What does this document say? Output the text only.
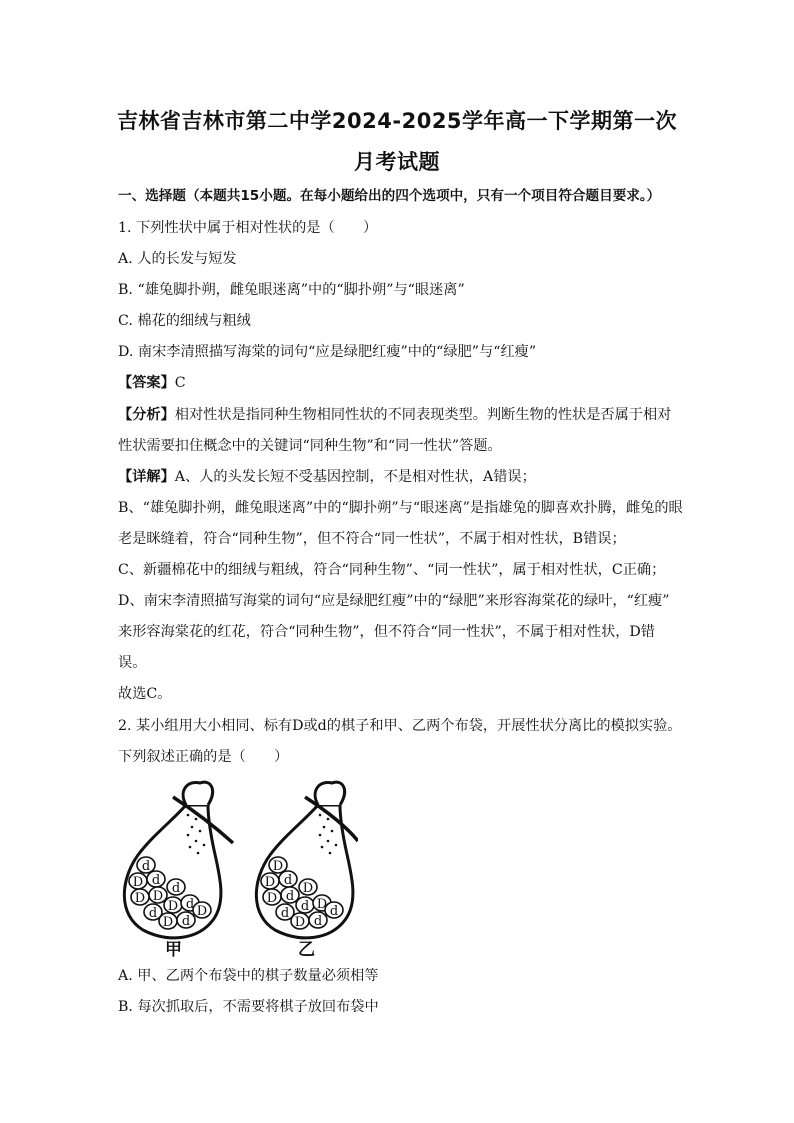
吉林省吉林市第二中学2024-2025学年高一下学期第一次
月考试题
一、选择题（本题共15小题。在每小题给出的四个选项中，只有一个项目符合题目要求。）
1. 下列性状中属于相对性状的是（　　）
A. 人的长发与短发
B. “雄兔脚扑朔，雌兔眼迷离”中的“脚扑朔”与“眼迷离”
C. 棉花的细绒与粗绒
D. 南宋李清照描写海棠的词句“应是绿肥红瘦”中的“绿肥”与“红瘦”
【答案】C
【分析】相对性状是指同种生物相同性状的不同表现类型。判断生物的性状是否属于相对
性状需要扣住概念中的关键词“同种生物”和“同一性状”答题。
【详解】A、人的头发长短不受基因控制，不是相对性状，A错误；
B、“雄兔脚扑朔，雌兔眼迷离”中的“脚扑朔”与“眼迷离”是指雄兔的脚喜欢扑腾，雌兔的眼
老是眯缝着，符合“同种生物”，但不符合“同一性状”，不属于相对性状，B错误；
C、新疆棉花中的细绒与粗绒，符合“同种生物”、“同一性状”，属于相对性状，C正确；
D、南宋李清照描写海棠的词句“应是绿肥红瘦”中的“绿肥”来形容海棠花的绿叶，“红瘦”
来形容海棠花的红花，符合“同种生物”，但不符合“同一性状”，不属于相对性状，D错
误。
故选C。
2. 某小组用大小相同、标有D或d的棋子和甲、乙两个布袋，开展性状分离比的模拟实验。
下列叙述正确的是（　　）
d
D d
D D
d
d D d
D d
D
D
D d
D d
D
d d D
D d
d
甲	乙
A. 甲、乙两个布袋中的棋子数量必须相等
B. 每次抓取后，不需要将棋子放回布袋中
